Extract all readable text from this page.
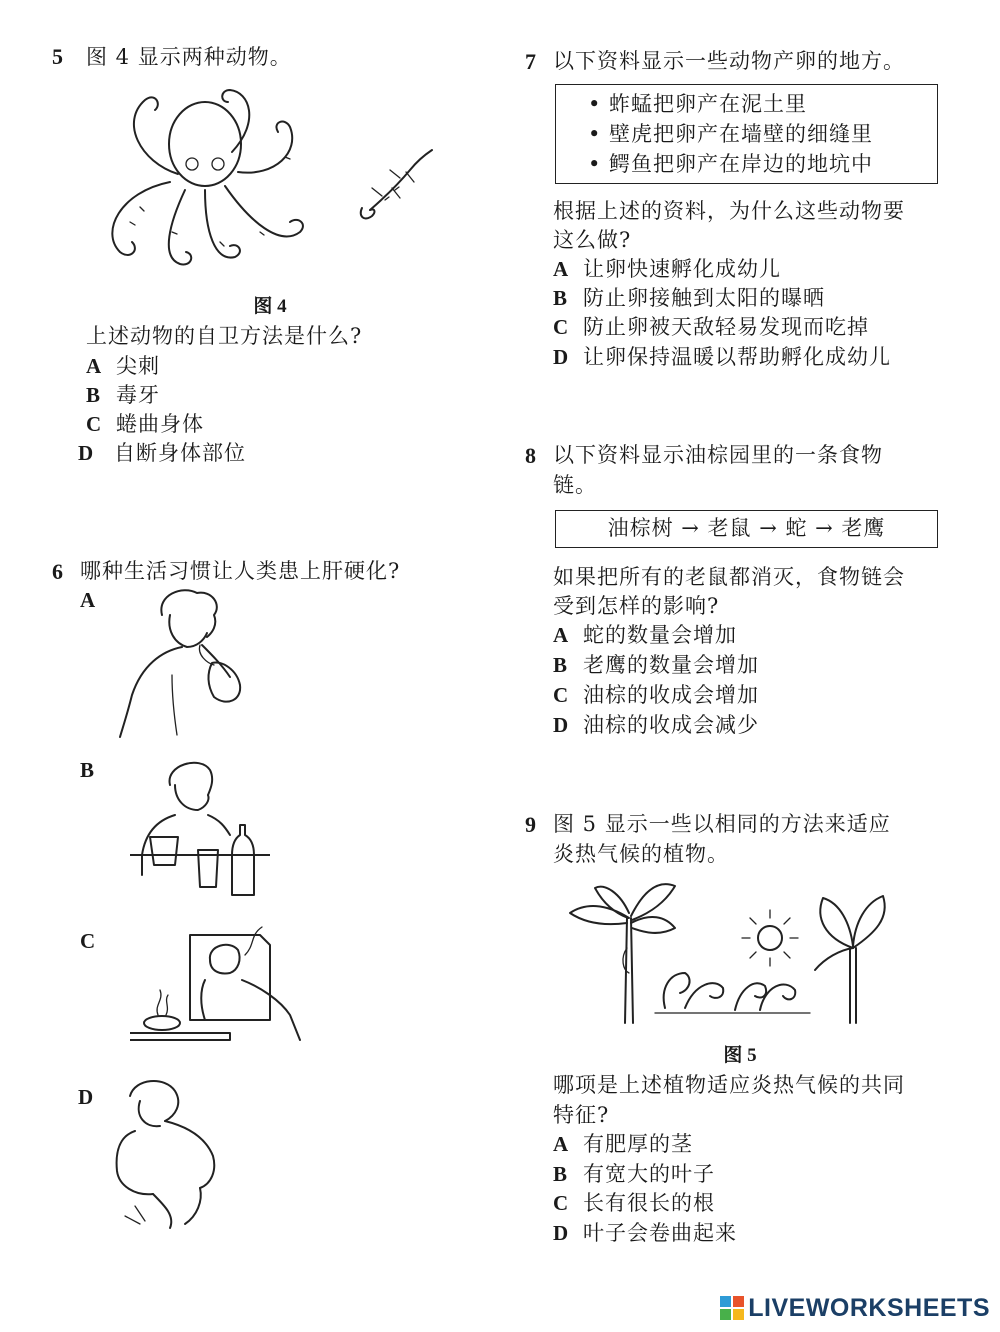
5 图 4 显示两种动物。
图 4
上述动物的自卫方法是什么?
A 尖刺
B 毒牙
C 蜷曲身体
D 自断身体部位
6 哪种生活习惯让人类患上肝硬化?
A
B
C
D
7 以下资料显示一些动物产卵的地方。
• 蚱蜢把卵产在泥土里
• 壁虎把卵产在墙壁的细缝里
• 鳄鱼把卵产在岸边的地坑中
根据上述的资料，为什么这些动物要
这么做?
A 让卵快速孵化成幼儿
B 防止卵接触到太阳的曝晒
C 防止卵被天敌轻易发现而吃掉
D 让卵保持温暖以帮助孵化成幼儿
8 以下资料显示油棕园里的一条食物
链。
油棕树 → 老鼠 → 蛇 → 老鹰
如果把所有的老鼠都消灭，食物链会
受到怎样的影响?
A 蛇的数量会增加
B 老鹰的数量会增加
C 油棕的收成会增加
D 油棕的收成会减少
9 图 5 显示一些以相同的方法来适应
炎热气候的植物。
图 5
哪项是上述植物适应炎热气候的共同
特征?
A 有肥厚的茎
B 有宽大的叶子
C 长有很长的根
D 叶子会卷曲起来
LIVEWORKSHEETS
